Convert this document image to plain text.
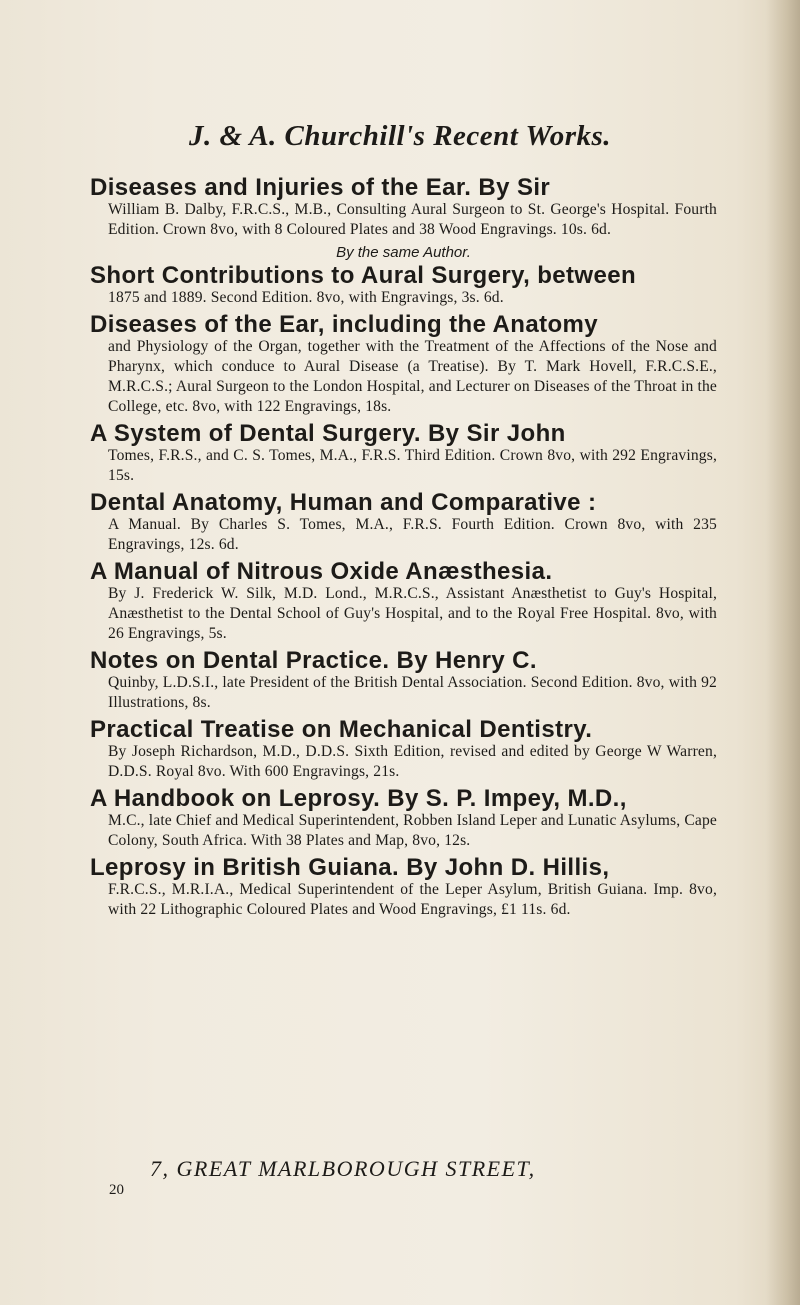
J. & A. Churchill's Recent Works.
Diseases and Injuries of the Ear. By Sir
William B. Dalby, F.R.C.S., M.B., Consulting Aural Surgeon to St. George's Hospital. Fourth Edition. Crown 8vo, with 8 Coloured Plates and 38 Wood Engravings. 10s. 6d.
By the same Author.
Short Contributions to Aural Surgery, between
1875 and 1889. Second Edition. 8vo, with Engravings, 3s. 6d.
Diseases of the Ear, including the Anatomy
and Physiology of the Organ, together with the Treatment of the Affections of the Nose and Pharynx, which conduce to Aural Disease (a Treatise). By T. Mark Hovell, F.R.C.S.E., M.R.C.S.; Aural Surgeon to the London Hospital, and Lecturer on Diseases of the Throat in the College, etc. 8vo, with 122 Engravings, 18s.
A System of Dental Surgery. By Sir John
Tomes, F.R.S., and C. S. Tomes, M.A., F.R.S. Third Edition. Crown 8vo, with 292 Engravings, 15s.
Dental Anatomy, Human and Comparative :
A Manual. By Charles S. Tomes, M.A., F.R.S. Fourth Edition. Crown 8vo, with 235 Engravings, 12s. 6d.
A Manual of Nitrous Oxide Anæsthesia.
By J. Frederick W. Silk, M.D. Lond., M.R.C.S., Assistant Anæsthetist to Guy's Hospital, Anæsthetist to the Dental School of Guy's Hospital, and to the Royal Free Hospital. 8vo, with 26 Engravings, 5s.
Notes on Dental Practice. By Henry C.
Quinby, L.D.S.I., late President of the British Dental Association. Second Edition. 8vo, with 92 Illustrations, 8s.
Practical Treatise on Mechanical Dentistry.
By Joseph Richardson, M.D., D.D.S. Sixth Edition, revised and edited by George W Warren, D.D.S. Royal 8vo. With 600 Engravings, 21s.
A Handbook on Leprosy. By S. P. Impey, M.D.,
M.C., late Chief and Medical Superintendent, Robben Island Leper and Lunatic Asylums, Cape Colony, South Africa. With 38 Plates and Map, 8vo, 12s.
Leprosy in British Guiana. By John D. Hillis,
F.R.C.S., M.R.I.A., Medical Superintendent of the Leper Asylum, British Guiana. Imp. 8vo, with 22 Lithographic Coloured Plates and Wood Engravings, £1 11s. 6d.
7, GREAT MARLBOROUGH STREET,
20
